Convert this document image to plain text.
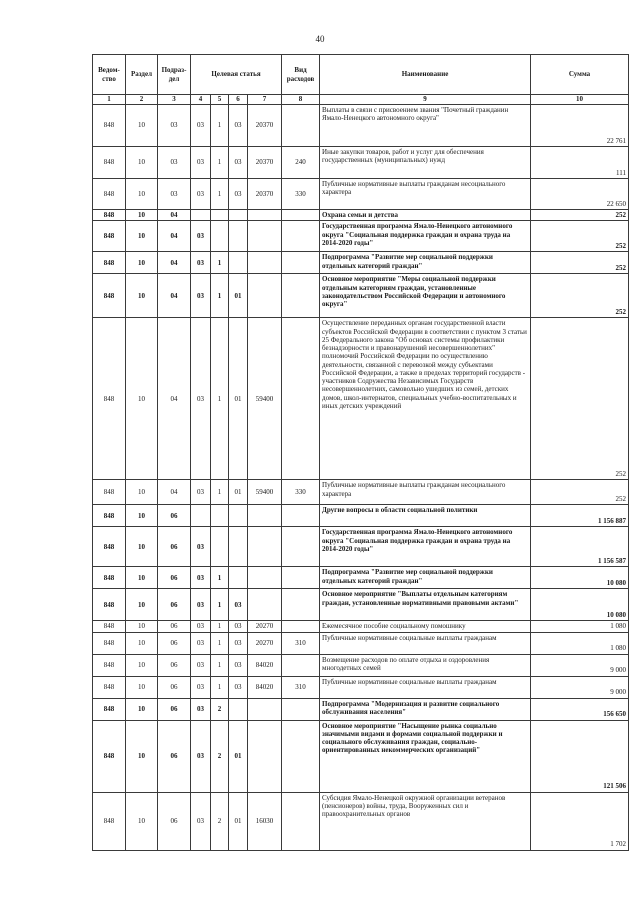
40
Ведом-ство	Раздел	Подраз-дел	Целевая статья				Вид расходов	Наименование	Сумма
1	2	3	4	5	6	7	8	9	10
848	10	03	03	1	03	20370		Выплаты в связи с присвоением звания "Почетный гражданин Ямало-Ненецкого автономного округа"	22 761
848	10	03	03	1	03	20370	240	Иные закупки товаров, работ и услуг для обеспечения государственных (муниципальных) нужд	111
848	10	03	03	1	03	20370	330	Публичные нормативные выплаты гражданам несоциального характера	22 650
848	10	04						Охрана семьи и детства	252
848	10	04	03					Государственная программа Ямало-Ненецкого автономного округа "Социальная поддержка граждан и охрана труда на 2014-2020 годы"	252
848	10	04	03	1				Подпрограмма "Развитие мер социальной поддержки отдельных категорий граждан"	252
848	10	04	03	1	01			Основное мероприятие "Меры социальной поддержки отдельным категориям граждан, установленные законодательством Российской Федерации и автономного округа"	252
848	10	04	03	1	01	59400		Осуществление переданных органам государственной власти субъектов Российской Федерации в соответствии с пунктом 3 статьи 25 Федерального закона "Об основах системы профилактики безнадзорности и правонарушений несовершеннолетних" полномочий Российской Федерации по осуществлению деятельности, связанной с перевозкой между субъектами Российской Федерации, а также в пределах территорий государств - участников Содружества Независимых Государств несовершеннолетних, самовольно ушедших из семей, детских домов, школ-интернатов, специальных учебно-воспитательных и иных детских учреждений	252
848	10	04	03	1	01	59400	330	Публичные нормативные выплаты гражданам несоциального характера	252
848	10	06						Другие вопросы в области социальной политики	1 156 887
848	10	06	03					Государственная программа Ямало-Ненецкого автономного округа "Социальная поддержка граждан и охрана труда на 2014-2020 годы"	1 156 587
848	10	06	03	1				Подпрограмма "Развитие мер социальной поддержки отдельных категорий граждан"	10 080
848	10	06	03	1	03			Основное мероприятие "Выплаты отдельным категориям граждан, установленные нормативными правовыми актами"	10 080
848	10	06	03	1	03	20270		Ежемесячное пособие социальному помошнику	1 080
848	10	06	03	1	03	20270	310	Публичные нормативные социальные выплаты гражданам	1 080
848	10	06	03	1	03	84020		Возмещение расходов по оплате отдыха и оздоровления многодетных семей	9 000
848	10	06	03	1	03	84020	310	Публичные нормативные социальные выплаты гражданам	9 000
848	10	06	03	2				Подпрограмма "Модернизация и развитие социального обслуживания населения"	156 650
848	10	06	03	2	01			Основное мероприятие "Насыщение рынка социально значимыми видами и формами социальной поддержки и социального обслуживания граждан, социально-ориентированных некоммерческих организаций"	121 506
848	10	06	03	2	01	16030		Субсидия Ямало-Ненецкой окружной организации ветеранов (пенсионеров) войны, труда, Вооруженных сил и правоохранительных органов	1 702
